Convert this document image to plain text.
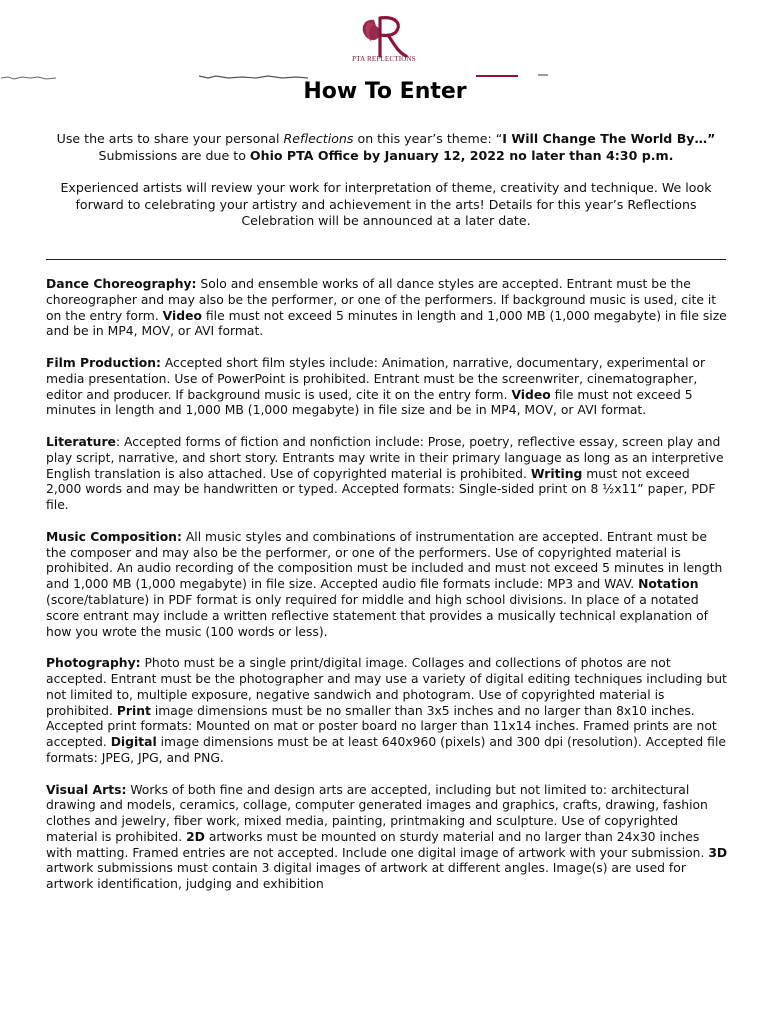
PTA REFLECTIONS
How To Enter

Use the arts to share your personal Reflections on this year’s theme: “I Will Change The World By…”

Submissions are due to Ohio PTA Office by January 12, 2022 no later than 4:30 p.m.

Experienced artists will review your work for interpretation of theme, creativity and technique. We look forward to celebrating your artistry and achievement in the arts! Details for this year’s Reflections Celebration will be announced at a later date.

Dance Choreography: Solo and ensemble works of all dance styles are accepted. Entrant must be the choreographer and may also be the performer, or one of the performers. If background music is used, cite it on the entry form. Video file must not exceed 5 minutes in length and 1,000 MB (1,000 megabyte) in file size and be in MP4, MOV, or AVI format.

Film Production: Accepted short film styles include: Animation, narrative, documentary, experimental or media presentation. Use of PowerPoint is prohibited. Entrant must be the screenwriter, cinematographer, editor and producer. If background music is used, cite it on the entry form. Video file must not exceed 5 minutes in length and 1,000 MB (1,000 megabyte) in file size and be in MP4, MOV, or AVI format.

Literature: Accepted forms of fiction and nonfiction include: Prose, poetry, reflective essay, screen play and play script, narrative, and short story. Entrants may write in their primary language as long as an interpretive English translation is also attached. Use of copyrighted material is prohibited. Writing must not exceed 2,000 words and may be handwritten or typed. Accepted formats: Single-sided print on 8 ½x11” paper, PDF file.

Music Composition: All music styles and combinations of instrumentation are accepted. Entrant must be the composer and may also be the performer, or one of the performers. Use of copyrighted material is prohibited. An audio recording of the composition must be included and must not exceed 5 minutes in length and 1,000 MB (1,000 megabyte) in file size. Accepted audio file formats include: MP3 and WAV. Notation (score/tablature) in PDF format is only required for middle and high school divisions. In place of a notated score entrant may include a written reflective statement that provides a musically technical explanation of how you wrote the music (100 words or less).

Photography: Photo must be a single print/digital image. Collages and collections of photos are not accepted. Entrant must be the photographer and may use a variety of digital editing techniques including but not limited to, multiple exposure, negative sandwich and photogram. Use of copyrighted material is prohibited. Print image dimensions must be no smaller than 3x5 inches and no larger than 8x10 inches. Accepted print formats: Mounted on mat or poster board no larger than 11x14 inches. Framed prints are not accepted. Digital image dimensions must be at least 640x960 (pixels) and 300 dpi (resolution). Accepted file formats: JPEG, JPG, and PNG.

Visual Arts: Works of both fine and design arts are accepted, including but not limited to: architectural drawing and models, ceramics, collage, computer generated images and graphics, crafts, drawing, fashion clothes and jewelry, fiber work, mixed media, painting, printmaking and sculpture. Use of copyrighted material is prohibited. 2D artworks must be mounted on sturdy material and no larger than 24x30 inches with matting. Framed entries are not accepted. Include one digital image of artwork with your submission. 3D artwork submissions must contain 3 digital images of artwork at different angles. Image(s) are used for artwork identification, judging and exhibition
